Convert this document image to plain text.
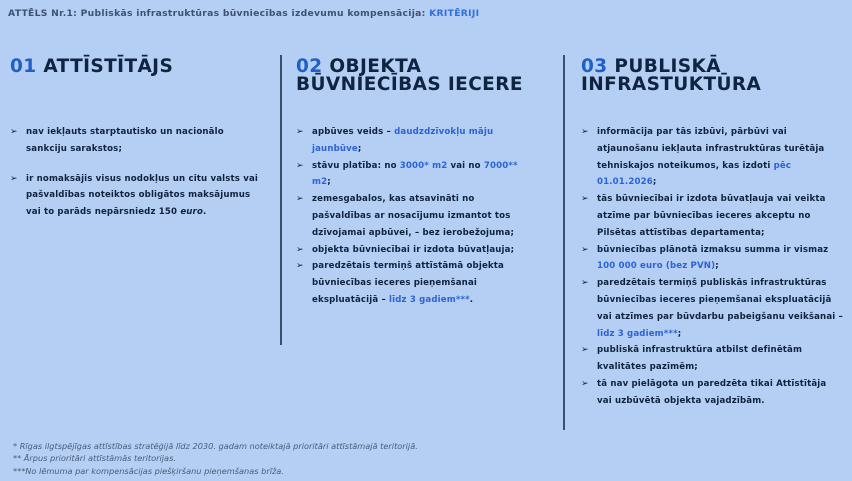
ATTĒLS Nr.1: Publiskās infrastruktūras būvniecības izdevumu kompensācija: KRITĒRIJI
01 ATTĪSTĪTĀJS
➢ nav iekļauts starptautisko un nacionālo sankciju sarakstos;
➢ ir nomaksājis visus nodokļus un citu valsts vai pašvaldības noteiktos obligātos maksājumus vai to parāds nepārsniedz 150 euro.
02 OBJEKTA
BŪVNIECĪBAS IECERE
➢ apbūves veids – daudzdzīvokļu māju jaunbūve;
➢ stāvu platība: no 3000* m2 vai no 7000** m2;
➢ zemesgabalos, kas atsavināti no pašvaldības ar nosacījumu izmantot tos dzīvojamai apbūvei, – bez ierobežojuma;
➢ objekta būvniecībai ir izdota būvatļauja;
➢ paredzētais termiņš attīstāmā objekta būvniecības ieceres pieņemšanai ekspluatācijā – līdz 3 gadiem***.
03 PUBLISKĀ
INFRASTUKTŪRA
➢ informācija par tās izbūvi, pārbūvi vai atjaunošanu iekļauta infrastruktūras turētāja tehniskajos noteikumos, kas izdoti pēc 01.01.2026;
➢ tās būvniecībai ir izdota būvatļauja vai veikta atzīme par būvniecības ieceres akceptu no Pilsētas attīstības departamenta;
➢ būvniecības plānotā izmaksu summa ir vismaz 100 000 euro (bez PVN);
➢ paredzētais termiņš publiskās infrastruktūras būvniecības ieceres pieņemšanai ekspluatācijā vai atzīmes par būvdarbu pabeigšanu veikšanai – līdz 3 gadiem***;
➢ publiskā infrastruktūra atbilst definētām kvalitātes pazīmēm;
➢ tā nav pielāgota un paredzēta tikai Attīstītāja vai uzbūvētā objekta vajadzībām.
* Rīgas ilgtspējīgas attīstības stratēģijā līdz 2030. gadam noteiktajā prioritāri attīstāmajā teritorijā.
** Ārpus prioritāri attīstāmās teritorijas.
***No lēmuma par kompensācijas piešķiršanu pieņemšanas brīža.
